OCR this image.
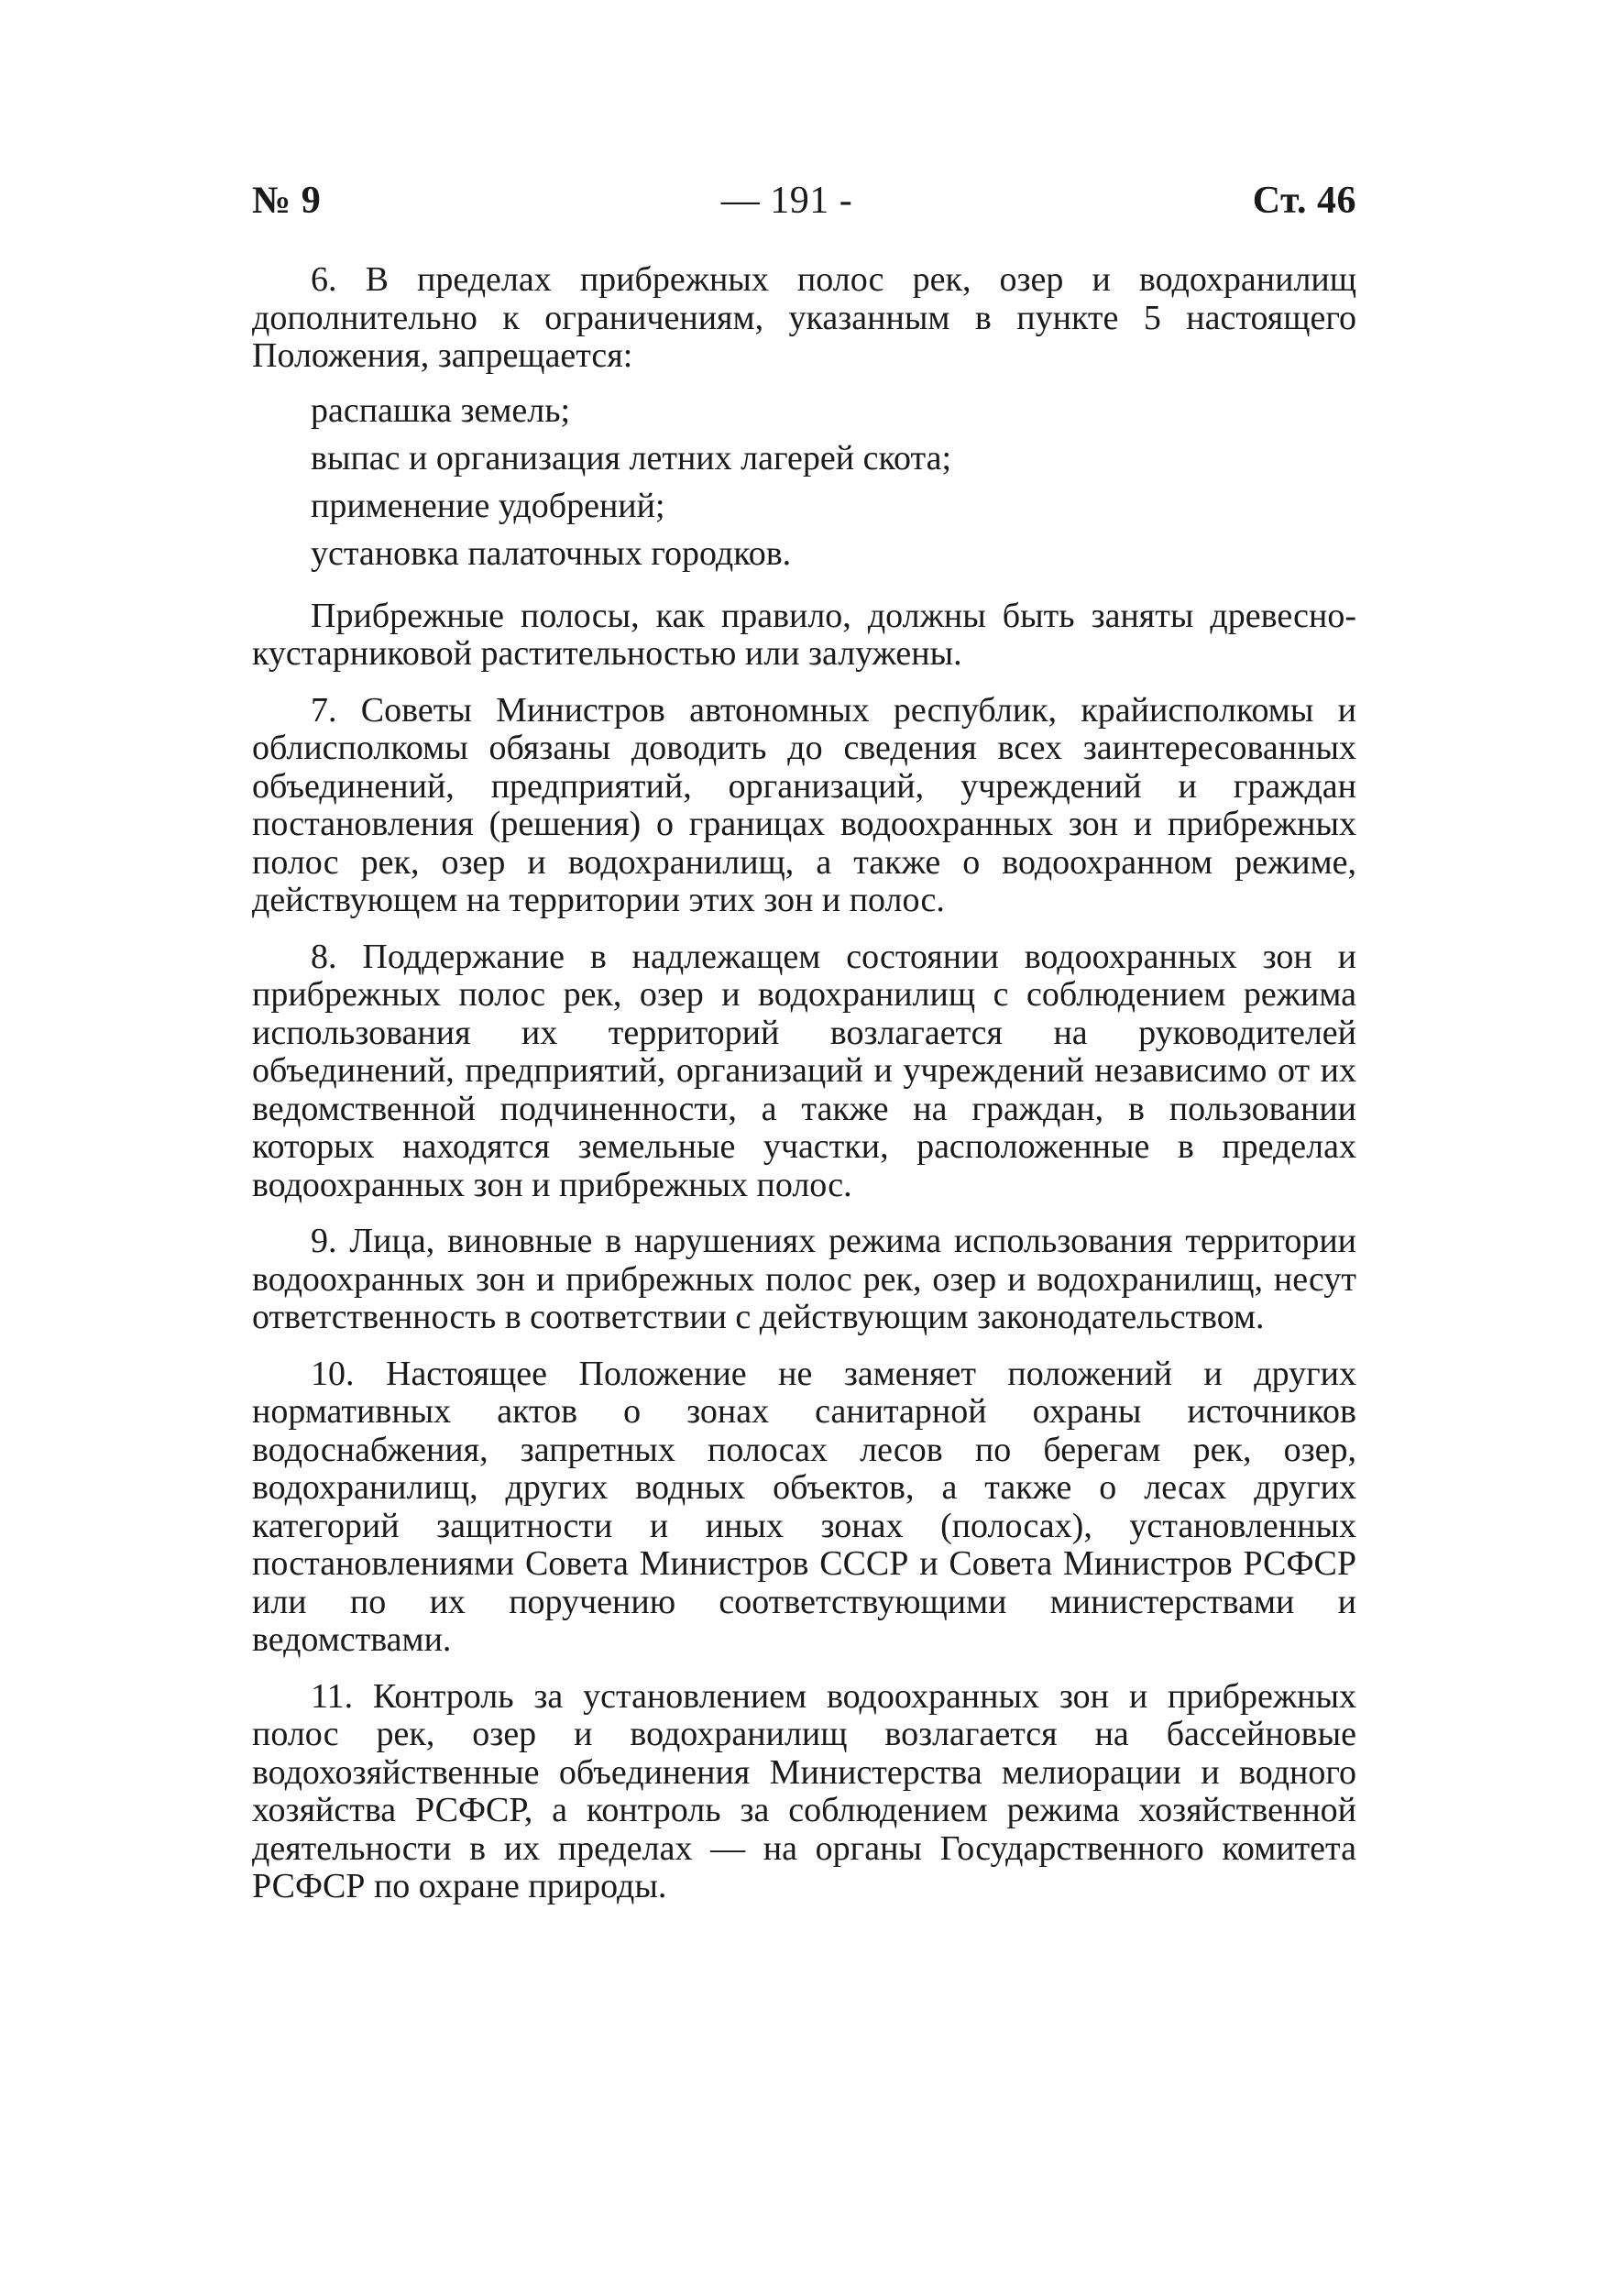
№ 9	— 191 -	Ст. 46

6. В пределах прибрежных полос рек, озер и водохранилищ дополнительно к ограничениям, указанным в пункте 5 настоящего Положения, запрещается:

распашка земель;

выпас и организация летних лагерей скота;

применение удобрений;

установка палаточных городков.

Прибрежные полосы, как правило, должны быть заняты древесно-кустарниковой растительностью или залужены.

7. Советы Министров автономных республик, крайисполкомы и облисполкомы обязаны доводить до сведения всех заинтересованных объединений, предприятий, организаций, учреждений и граждан постановления (решения) о границах водоохранных зон и прибрежных полос рек, озер и водохранилищ, а также о водоохранном режиме, действующем на территории этих зон и полос.

8. Поддержание в надлежащем состоянии водоохранных зон и прибрежных полос рек, озер и водохранилищ с соблюдением режима использования их территорий возлагается на руководителей объединений, предприятий, организаций и учреждений независимо от их ведомственной подчиненности, а также на граждан, в пользовании которых находятся земельные участки, расположенные в пределах водоохранных зон и прибрежных полос.

9. Лица, виновные в нарушениях режима использования территории водоохранных зон и прибрежных полос рек, озер и водохранилищ, несут ответственность в соответствии с действующим законодательством.

10. Настоящее Положение не заменяет положений и других нормативных актов о зонах санитарной охраны источников водоснабжения, запретных полосах лесов по берегам рек, озер, водохранилищ, других водных объектов, а также о лесах других категорий защитности и иных зонах (полосах), установленных постановлениями Совета Министров СССР и Совета Министров РСФСР или по их поручению соответствующими министерствами и ведомствами.

11. Контроль за установлением водоохранных зон и прибрежных полос рек, озер и водохранилищ возлагается на бассейновые водохозяйственные объединения Министерства мелиорации и водного хозяйства РСФСР, а контроль за соблюдением режима хозяйственной деятельности в их пределах — на органы Государственного комитета РСФСР по охране природы.
